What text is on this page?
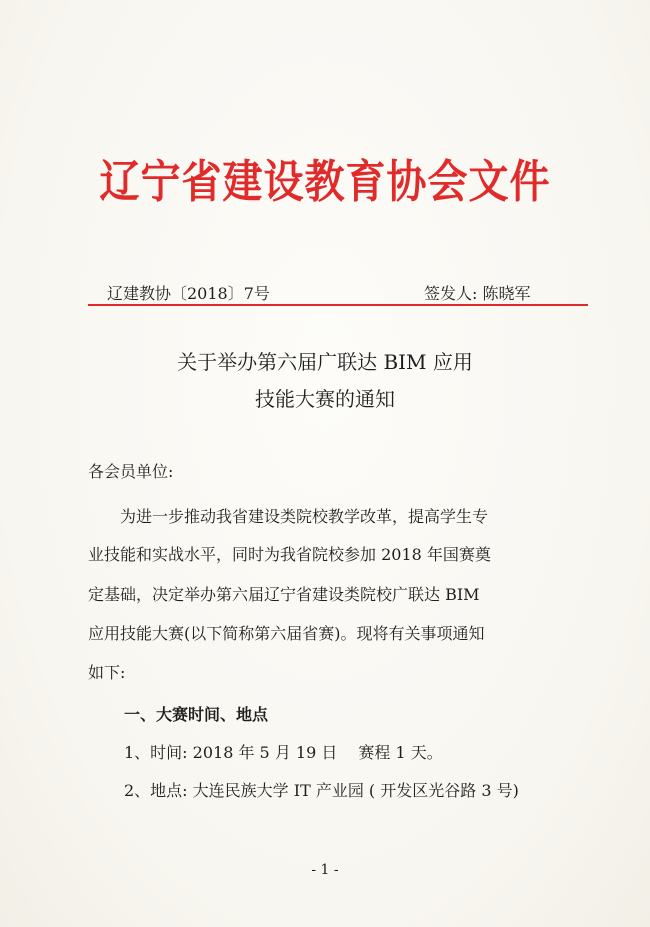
辽宁省建设教育协会文件
辽建教协〔2018〕7号	签发人: 陈晓军
关于举办第六届广联达 BIM 应用
技能大赛的通知
各会员单位:
　　为进一步推动我省建设类院校教学改革，提高学生专
业技能和实战水平，同时为我省院校参加 2018 年国赛奠
定基础，决定举办第六届辽宁省建设类院校广联达 BIM
应用技能大赛(以下简称第六届省赛)。现将有关事项通知
如下:
一、大赛时间、地点
1、时间: 2018 年 5 月 19 日　 赛程 1 天。
2、地点: 大连民族大学 IT 产业园 ( 开发区光谷路 3 号)
- 1 -
